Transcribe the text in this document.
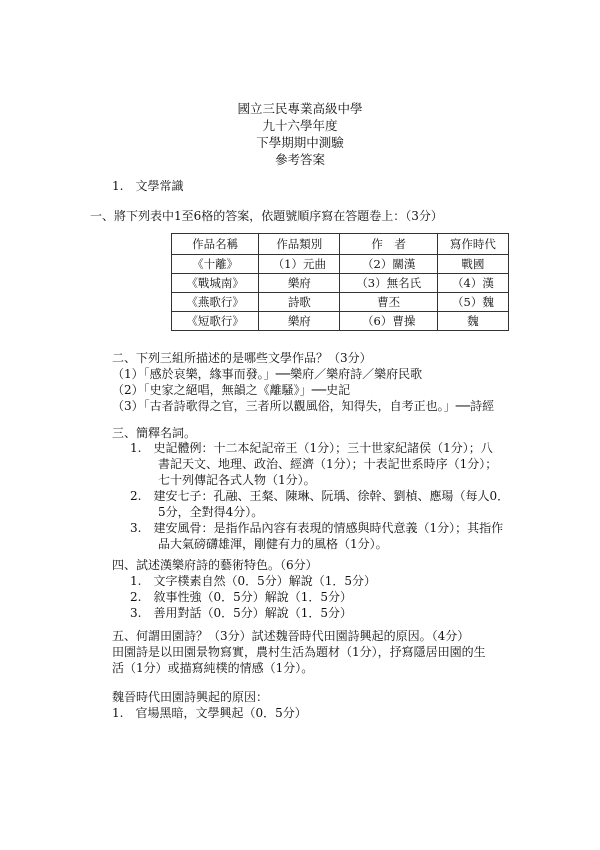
國立三民專業高級中學
九十六學年度
下學期期中測驗
參考答案
1.　文學常識
一、將下列表中1至6格的答案，依題號順序寫在答題卷上：（3分）
作品名稱	作品類別	作　者	寫作時代
《十離》	（1）元曲	（2）關漢	戰國
《戰城南》	樂府	（3）無名氏	（4）漢
《燕歌行》	詩歌	曹丕	（5）魏
《短歌行》	樂府	（6）曹操	魏
二、下列三組所描述的是哪些文學作品？（3分）
（1）「感於哀樂，緣事而發。」──樂府／樂府詩／樂府民歌
（2）「史家之絕唱，無韻之《離騷》」──史記
（3）「古者詩歌得之官，三者所以觀風俗，知得失，自考正也。」──詩經
三、簡釋名詞。
1.　史記體例：十二本紀記帝王（1分）；三十世家紀諸侯（1分）；八
書記天文、地理、政治、經濟（1分）；十表記世系時序（1分）；
七十列傳記各式人物（1分）。
2.　建安七子：孔融、王粲、陳琳、阮瑀、徐幹、劉楨、應瑒（每人0．
5分，全對得4分）。
3.　建安風骨：是指作品內容有表現的情感與時代意義（1分）；其指作
品大氣磅礴雄渾，剛健有力的風格（1分）。
四、試述漢樂府詩的藝術特色。（6分）
1.　文字樸素自然（0．5分）解說（1．5分）
2.　敘事性強（0．5分）解說（1．5分）
3.　善用對話（0．5分）解說（1．5分）
五、何謂田園詩？（3分）試述魏晉時代田園詩興起的原因。（4分）
田園詩是以田園景物寫實，農村生活為題材（1分），抒寫隱居田園的生
活（1分）或描寫純樸的情感（1分）。
魏晉時代田園詩興起的原因：
1.　官場黑暗，文學興起（0．5分）
